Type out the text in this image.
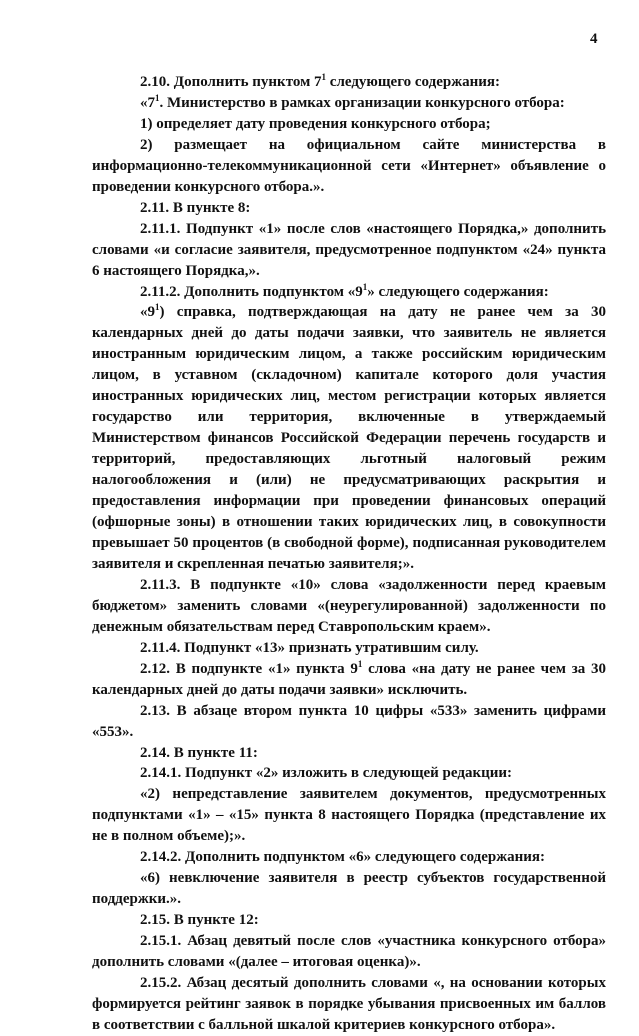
4

2.10. Дополнить пунктом $7^1$ следующего содержания:

«$7^1$. Министерство в рамках организации конкурсного отбора:

1) определяет дату проведения конкурсного отбора;

2) размещает на официальном сайте министерства в информационно-телекоммуникационной сети «Интернет» объявление о проведении конкурсного отбора.».

2.11. В пункте 8:

2.11.1. Подпункт «1» после слов «настоящего Порядка,» дополнить словами «и согласие заявителя, предусмотренное подпунктом «24» пункта 6 настоящего Порядка,».

2.11.2. Дополнить подпунктом «$9^1$» следующего содержания:

«$9^1$) справка, подтверждающая на дату не ранее чем за 30 календарных дней до даты подачи заявки, что заявитель не является иностранным юридическим лицом, а также российским юридическим лицом, в уставном (складочном) капитале которого доля участия иностранных юридических лиц, местом регистрации которых является государство или территория, включенные в утверждаемый Министерством финансов Российской Федерации перечень государств и территорий, предоставляющих льготный налоговый режим налогообложения и (или) не предусматривающих раскрытия и предоставления информации при проведении финансовых операций (офшорные зоны) в отношении таких юридических лиц, в совокупности превышает 50 процентов (в свободной форме), подписанная руководителем заявителя и скрепленная печатью заявителя;».

2.11.3. В подпункте «10» слова «задолженности перед краевым бюджетом» заменить словами «(неурегулированной) задолженности по денежным обязательствам перед Ставропольским краем».

2.11.4. Подпункт «13» признать утратившим силу.

2.12. В подпункте «1» пункта $9^1$ слова «на дату не ранее чем за 30 календарных дней до даты подачи заявки» исключить.

2.13. В абзаце втором пункта 10 цифры «533» заменить цифрами «553».

2.14. В пункте 11:

2.14.1. Подпункт «2» изложить в следующей редакции:

«2) непредставление заявителем документов, предусмотренных подпунктами «1» – «15» пункта 8 настоящего Порядка (представление их не в полном объеме);».

2.14.2. Дополнить подпунктом «6» следующего содержания:

«6) невключение заявителя в реестр субъектов государственной поддержки.».

2.15. В пункте 12:

2.15.1. Абзац девятый после слов «участника конкурсного отбора» дополнить словами «(далее – итоговая оценка)».

2.15.2. Абзац десятый дополнить словами «, на основании которых формируется рейтинг заявок в порядке убывания присвоенных им баллов в соответствии с балльной шкалой критериев конкурсного отбора».
